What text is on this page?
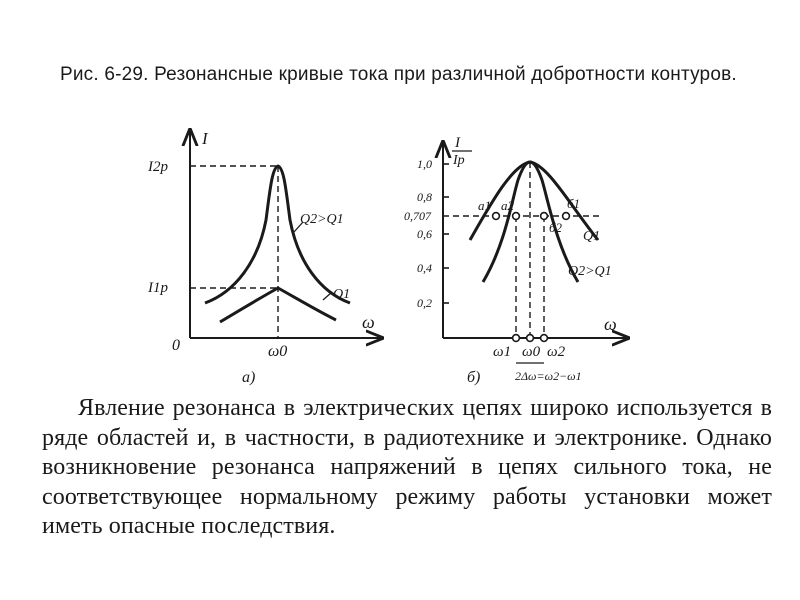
Рис. 6-29. Резонансные кривые тока при различной добротности контуров.
I
ω
0
I2p
I1p
ω0
Q2>Q1
Q1
а)
I
Ip
1,0
0,8
0,707
0,6
0,4
0,2
ω
a1 a2	б1
б2
Q1
Q2>Q1
ω1 ω0 ω2
2Δω=ω2−ω1
б)
Явление резонанса в электрических цепях широко используется в ряде областей и, в частности, в радиотехнике и электронике. Однако возникновение резонанса напряжений в цепях сильного тока, не соответствующее нормальному режиму работы установки может иметь опасные последствия.
